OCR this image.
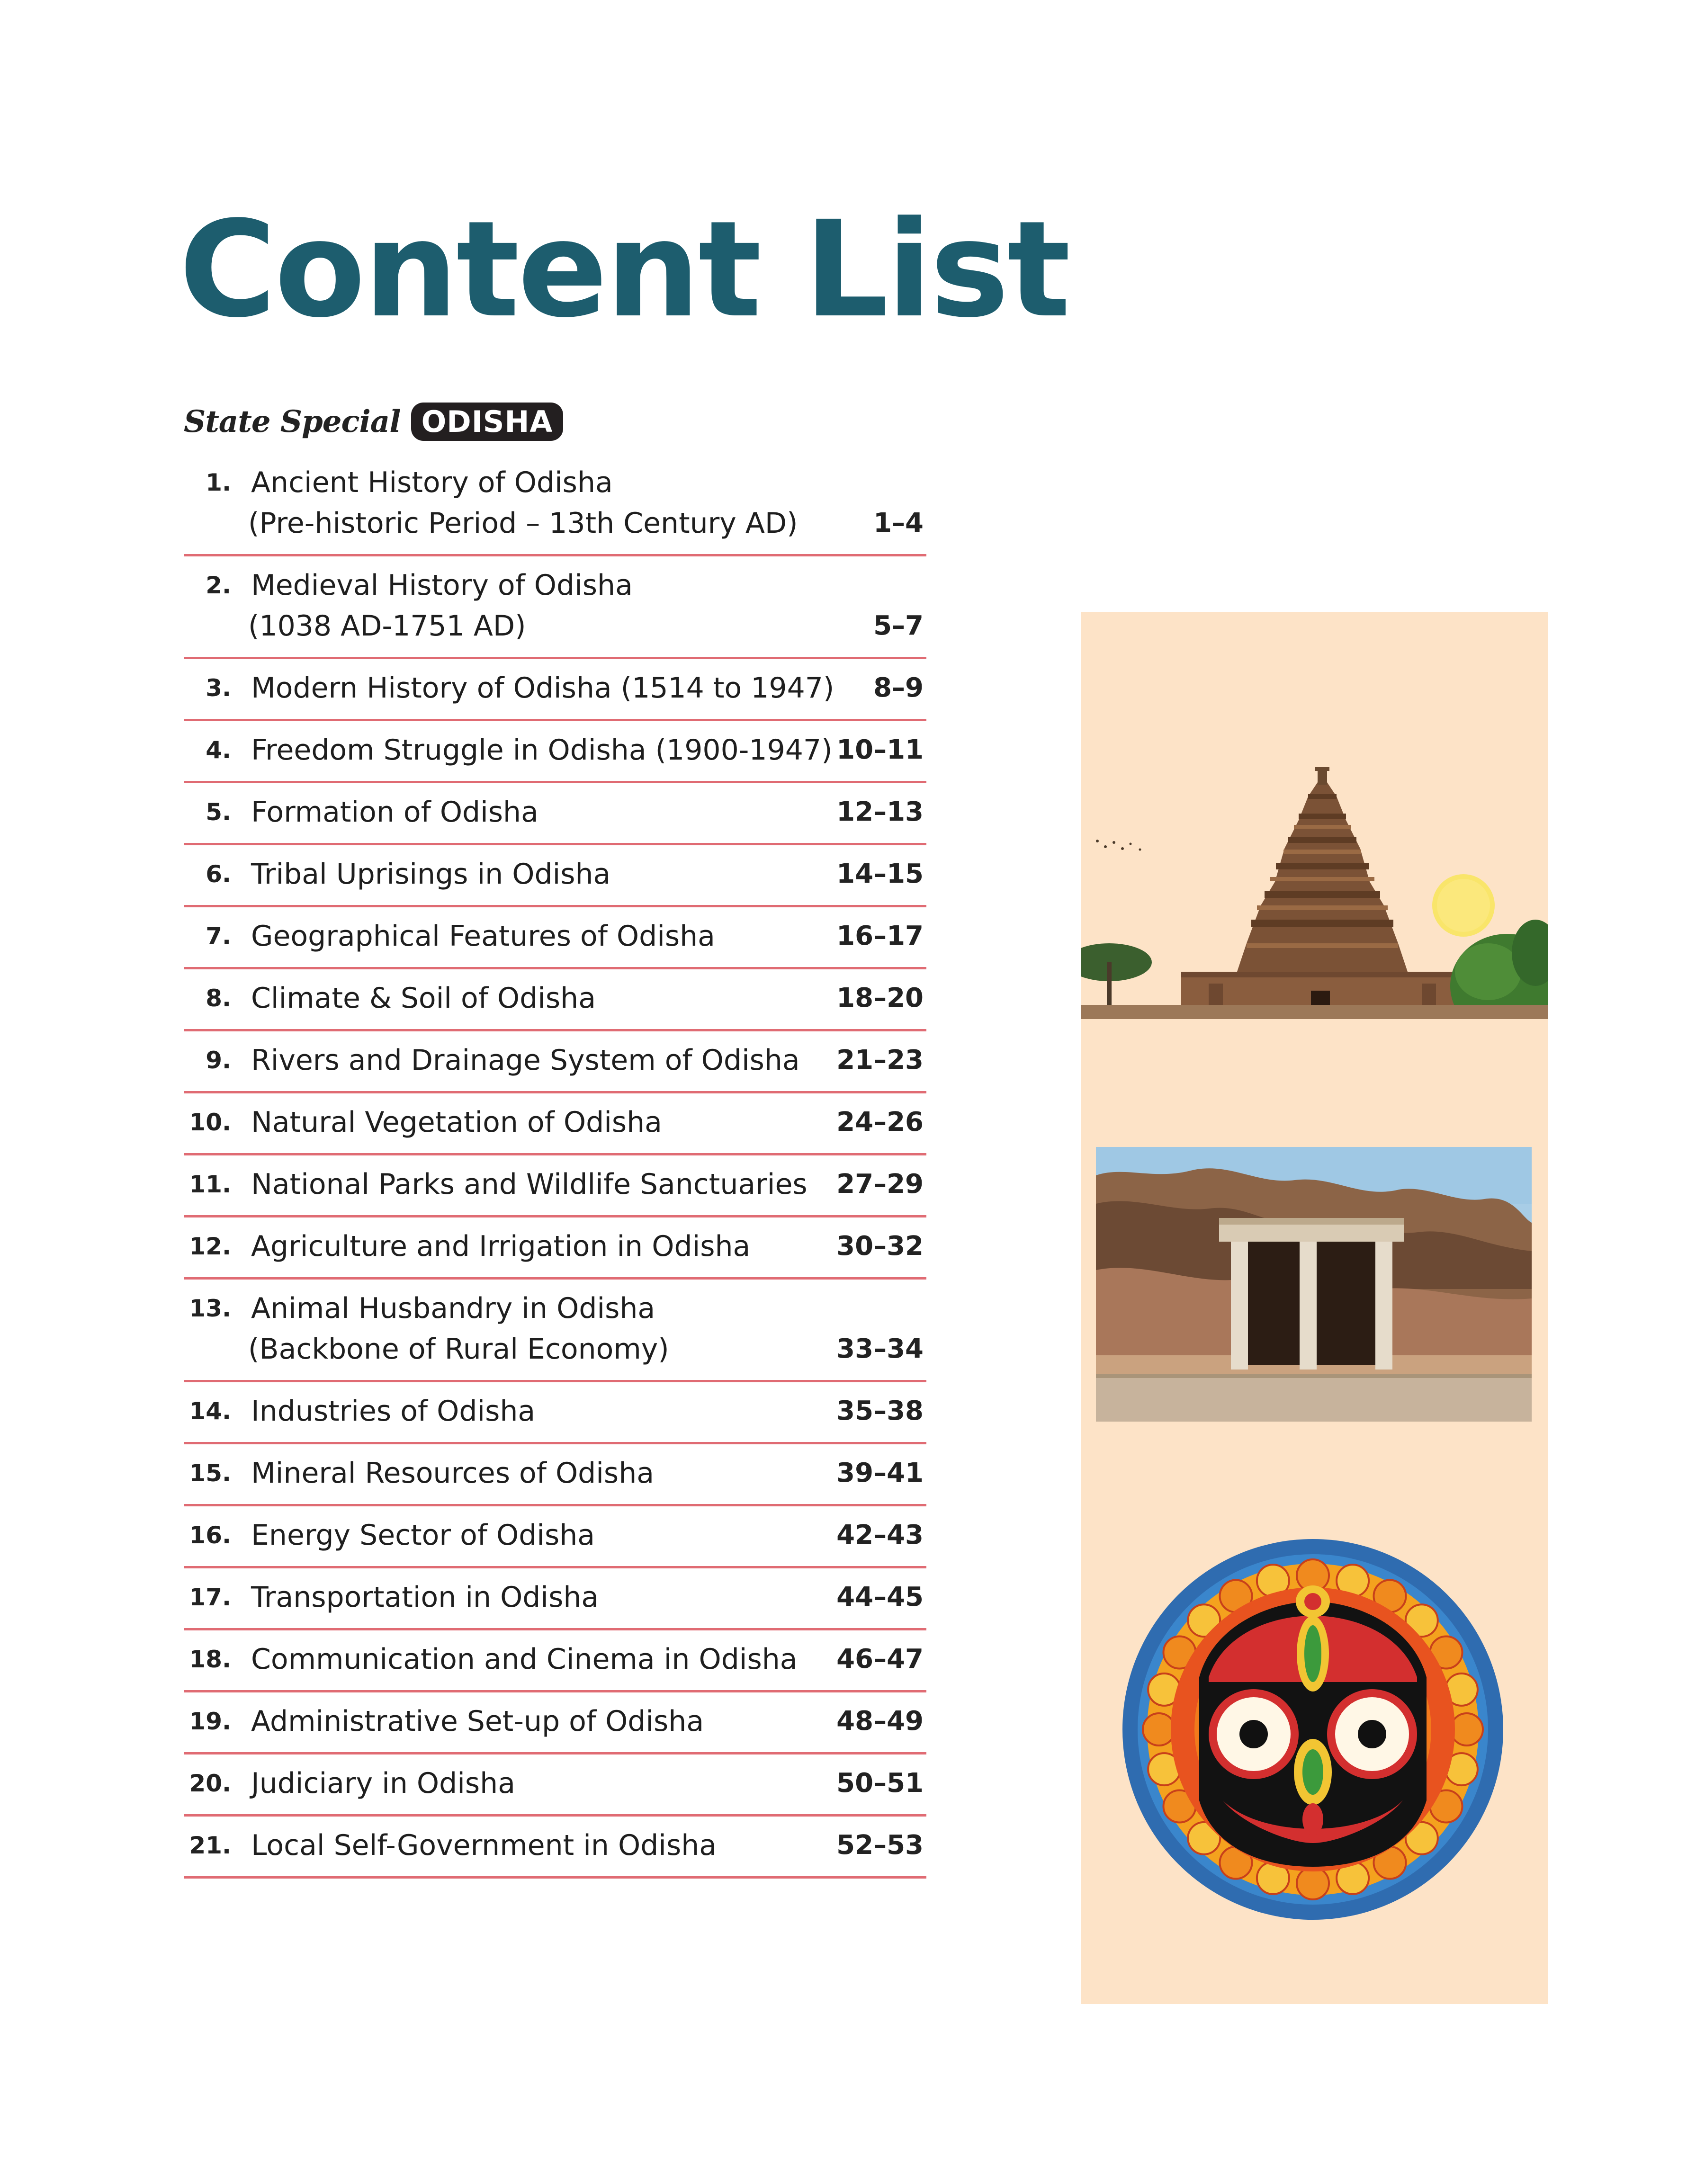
Content List
State Special ODISHA
1. Ancient History of Odisha
(Pre-historic Period – 13th Century AD)	1–4
2. Medieval History of Odisha
(1038 AD-1751 AD)	5–7
3. Modern History of Odisha (1514 to 1947) 8–9
4. Freedom Struggle in Odisha (1900-1947) 10–11
5. Formation of Odisha	12–13
6. Tribal Uprisings in Odisha	14–15
7. Geographical Features of Odisha	16–17
8. Climate & Soil of Odisha	18–20
9. Rivers and Drainage System of Odisha	21–23
10. Natural Vegetation of Odisha	24–26
11. National Parks and Wildlife Sanctuaries	27–29
12. Agriculture and Irrigation in Odisha	30–32
13. Animal Husbandry in Odisha
(Backbone of Rural Economy)	33–34
14. Industries of Odisha	35–38
15. Mineral Resources of Odisha	39–41
16. Energy Sector of Odisha	42–43
17. Transportation in Odisha	44–45
18. Communication and Cinema in Odisha	46–47
19. Administrative Set-up of Odisha	48–49
20. Judiciary in Odisha	50–51
21. Local Self-Government in Odisha	52–53
